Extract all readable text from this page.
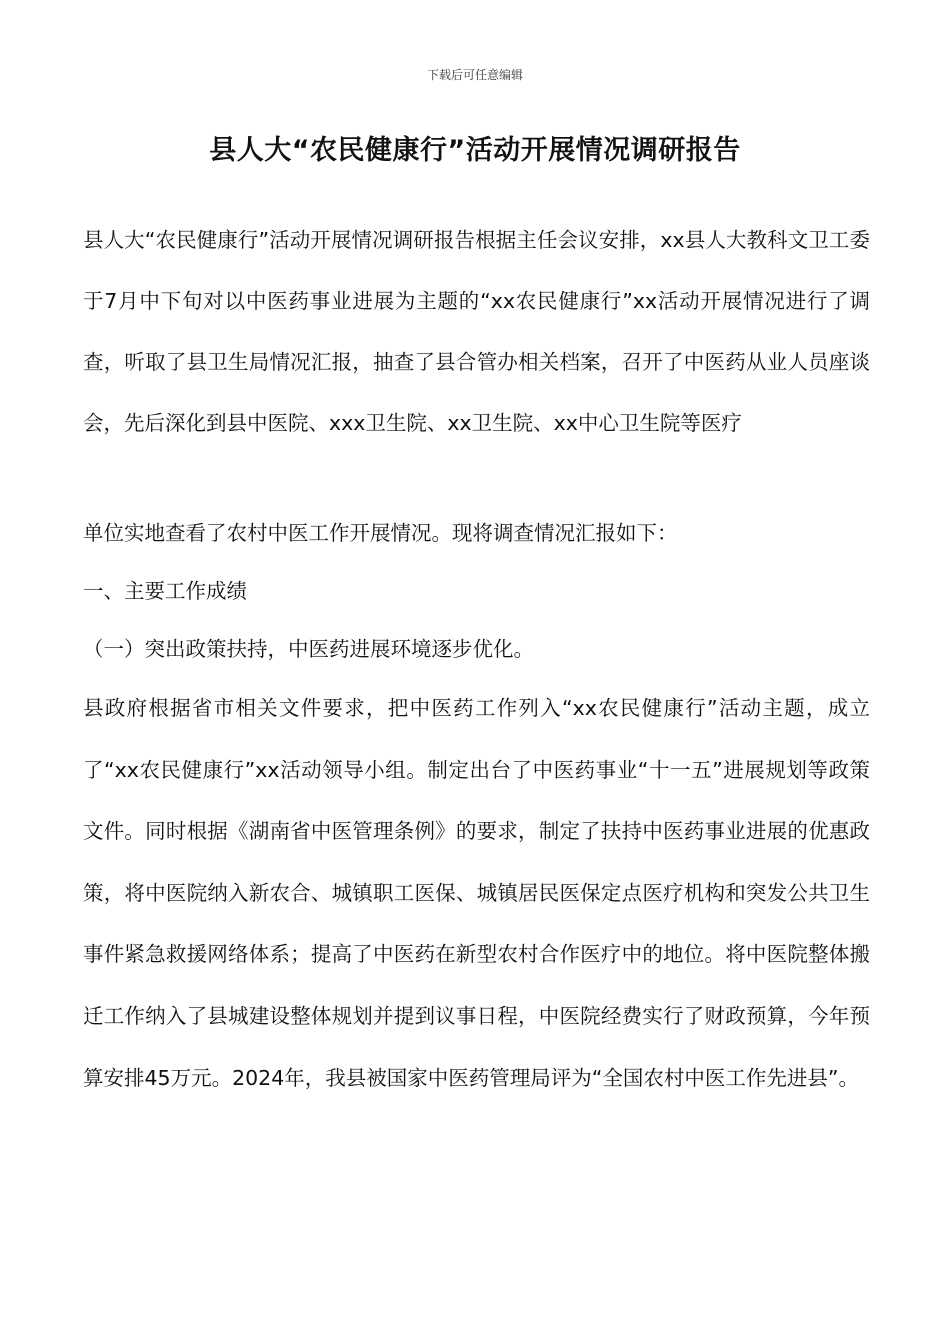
下载后可任意编辑
县人大“农民健康行”活动开展情况调研报告

县人大“农民健康行”活动开展情况调研报告根据主任会议安排，xx县人大教科文卫工委于7月中下旬对以中医药事业进展为主题的“xx农民健康行”xx活动开展情况进行了调查，听取了县卫生局情况汇报，抽查了县合管办相关档案，召开了中医药从业人员座谈会，先后深化到县中医院、xxx卫生院、xx卫生院、xx中心卫生院等医疗

单位实地查看了农村中医工作开展情况。现将调查情况汇报如下：

一、主要工作成绩

（一）突出政策扶持，中医药进展环境逐步优化。

县政府根据省市相关文件要求，把中医药工作列入“xx农民健康行”活动主题，成立了“xx农民健康行”xx活动领导小组。制定出台了中医药事业“十一五”进展规划等政策文件。同时根据《湖南省中医管理条例》的要求，制定了扶持中医药事业进展的优惠政策，将中医院纳入新农合、城镇职工医保、城镇居民医保定点医疗机构和突发公共卫生事件紧急救援网络体系；提高了中医药在新型农村合作医疗中的地位。将中医院整体搬迁工作纳入了县城建设整体规划并提到议事日程，中医院经费实行了财政预算，今年预算安排45万元。2024年，我县被国家中医药管理局评为“全国农村中医工作先进县”。
